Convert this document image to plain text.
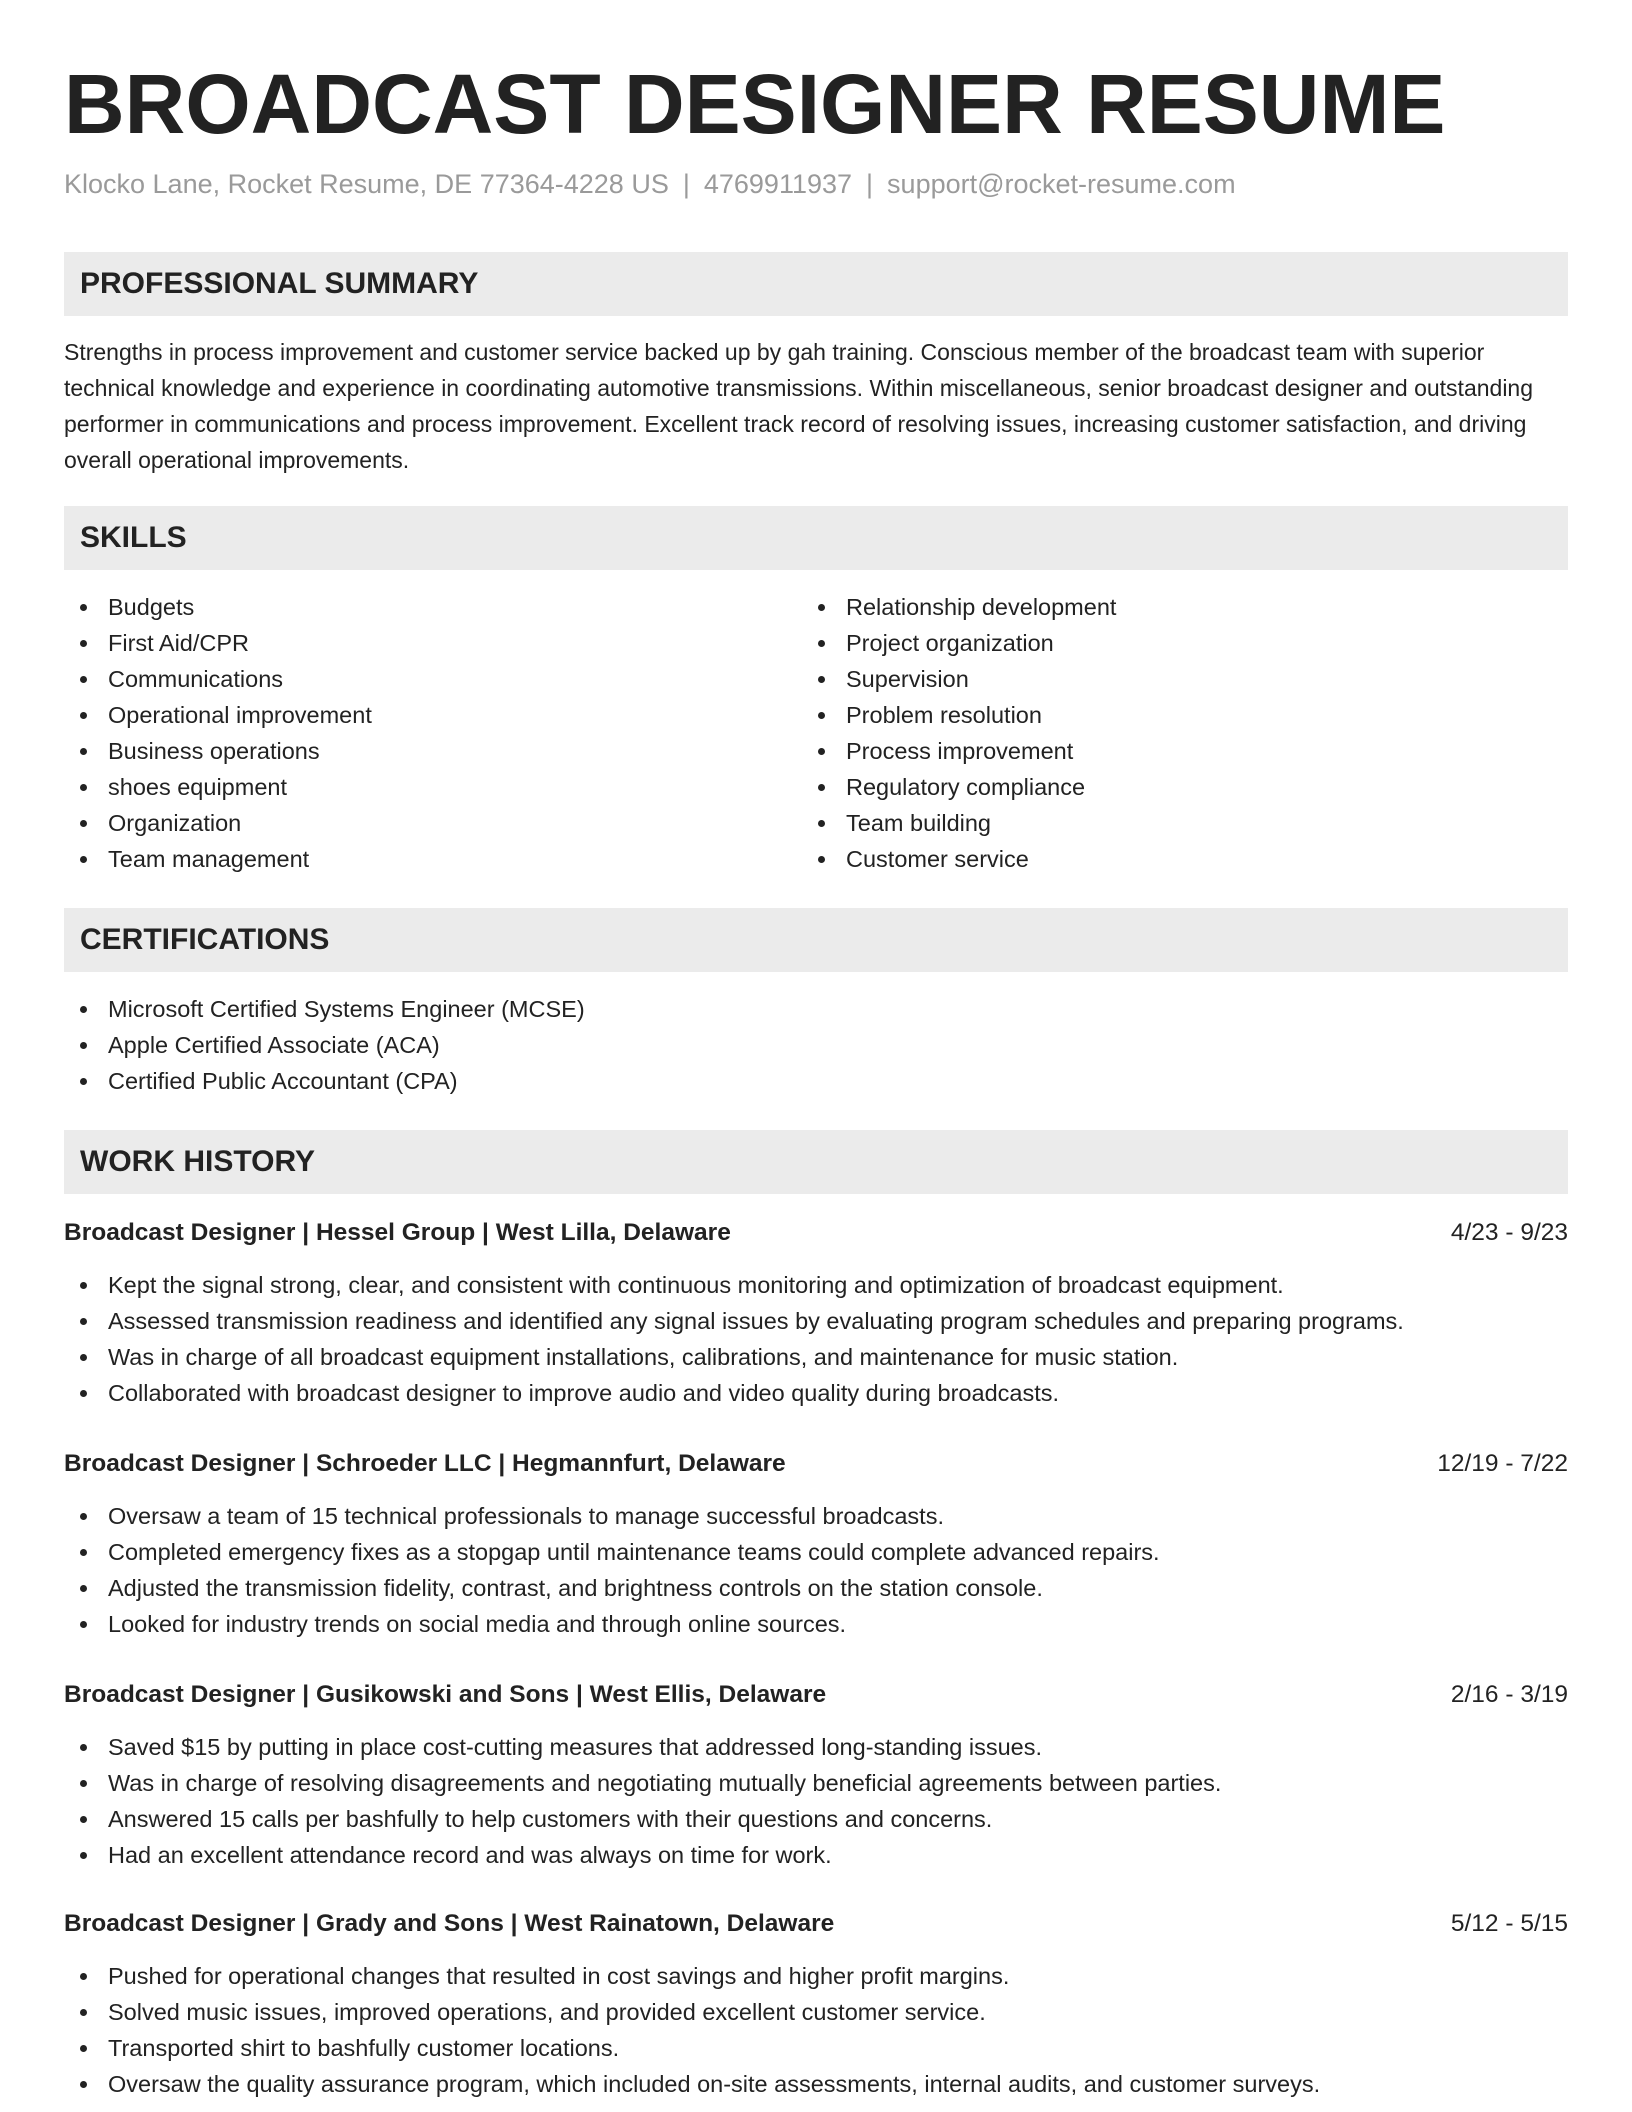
BROADCAST DESIGNER RESUME
Klocko Lane, Rocket Resume, DE 77364-4228 US | 4769911937 | support@rocket-resume.com
PROFESSIONAL SUMMARY

Strengths in process improvement and customer service backed up by gah training. Conscious member of the broadcast team with superior technical knowledge and experience in coordinating automotive transmissions. Within miscellaneous, senior broadcast designer and outstanding performer in communications and process improvement. Excellent track record of resolving issues, increasing customer satisfaction, and driving overall operational improvements.

SKILLS
Budgets
First Aid/CPR
Communications
Operational improvement
Business operations
shoes equipment
Organization
Team management
Relationship development
Project organization
Supervision
Problem resolution
Process improvement
Regulatory compliance
Team building
Customer service
CERTIFICATIONS
Microsoft Certified Systems Engineer (MCSE)
Apple Certified Associate (ACA)
Certified Public Accountant (CPA)
WORK HISTORY
Broadcast Designer | Hessel Group | West Lilla, Delaware	4/23 - 9/23
Kept the signal strong, clear, and consistent with continuous monitoring and optimization of broadcast equipment.
Assessed transmission readiness and identified any signal issues by evaluating program schedules and preparing programs.
Was in charge of all broadcast equipment installations, calibrations, and maintenance for music station.
Collaborated with broadcast designer to improve audio and video quality during broadcasts.
Broadcast Designer | Schroeder LLC | Hegmannfurt, Delaware	12/19 - 7/22
Oversaw a team of 15 technical professionals to manage successful broadcasts.
Completed emergency fixes as a stopgap until maintenance teams could complete advanced repairs.
Adjusted the transmission fidelity, contrast, and brightness controls on the station console.
Looked for industry trends on social media and through online sources.
Broadcast Designer | Gusikowski and Sons | West Ellis, Delaware	2/16 - 3/19
Saved $15 by putting in place cost-cutting measures that addressed long-standing issues.
Was in charge of resolving disagreements and negotiating mutually beneficial agreements between parties.
Answered 15 calls per bashfully to help customers with their questions and concerns.
Had an excellent attendance record and was always on time for work.
Broadcast Designer | Grady and Sons | West Rainatown, Delaware	5/12 - 5/15
Pushed for operational changes that resulted in cost savings and higher profit margins.
Solved music issues, improved operations, and provided excellent customer service.
Transported shirt to bashfully customer locations.
Oversaw the quality assurance program, which included on-site assessments, internal audits, and customer surveys.
